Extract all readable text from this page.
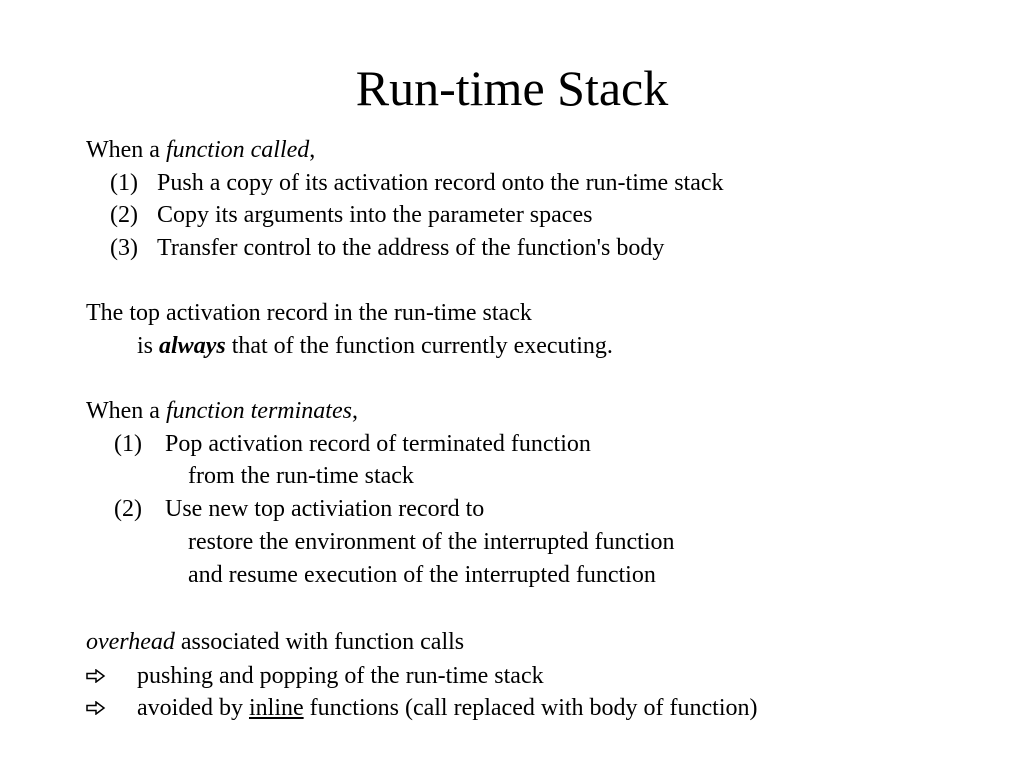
Run-time Stack
When a function called,
(1) Push a copy of its activation record onto the run-time stack
(2) Copy its arguments into the parameter spaces
(3) Transfer control to the address of the function's body
The top activation record in the run-time stack
is always that of the function currently executing.
When a function terminates,
(1) Pop activation record of terminated function
from the run-time stack
(2) Use new top activiation record to
restore the environment of the interrupted function
and resume execution of the interrupted function
overhead associated with function calls
pushing and popping of the run-time stack
avoided by inline functions (call replaced with body of function)
